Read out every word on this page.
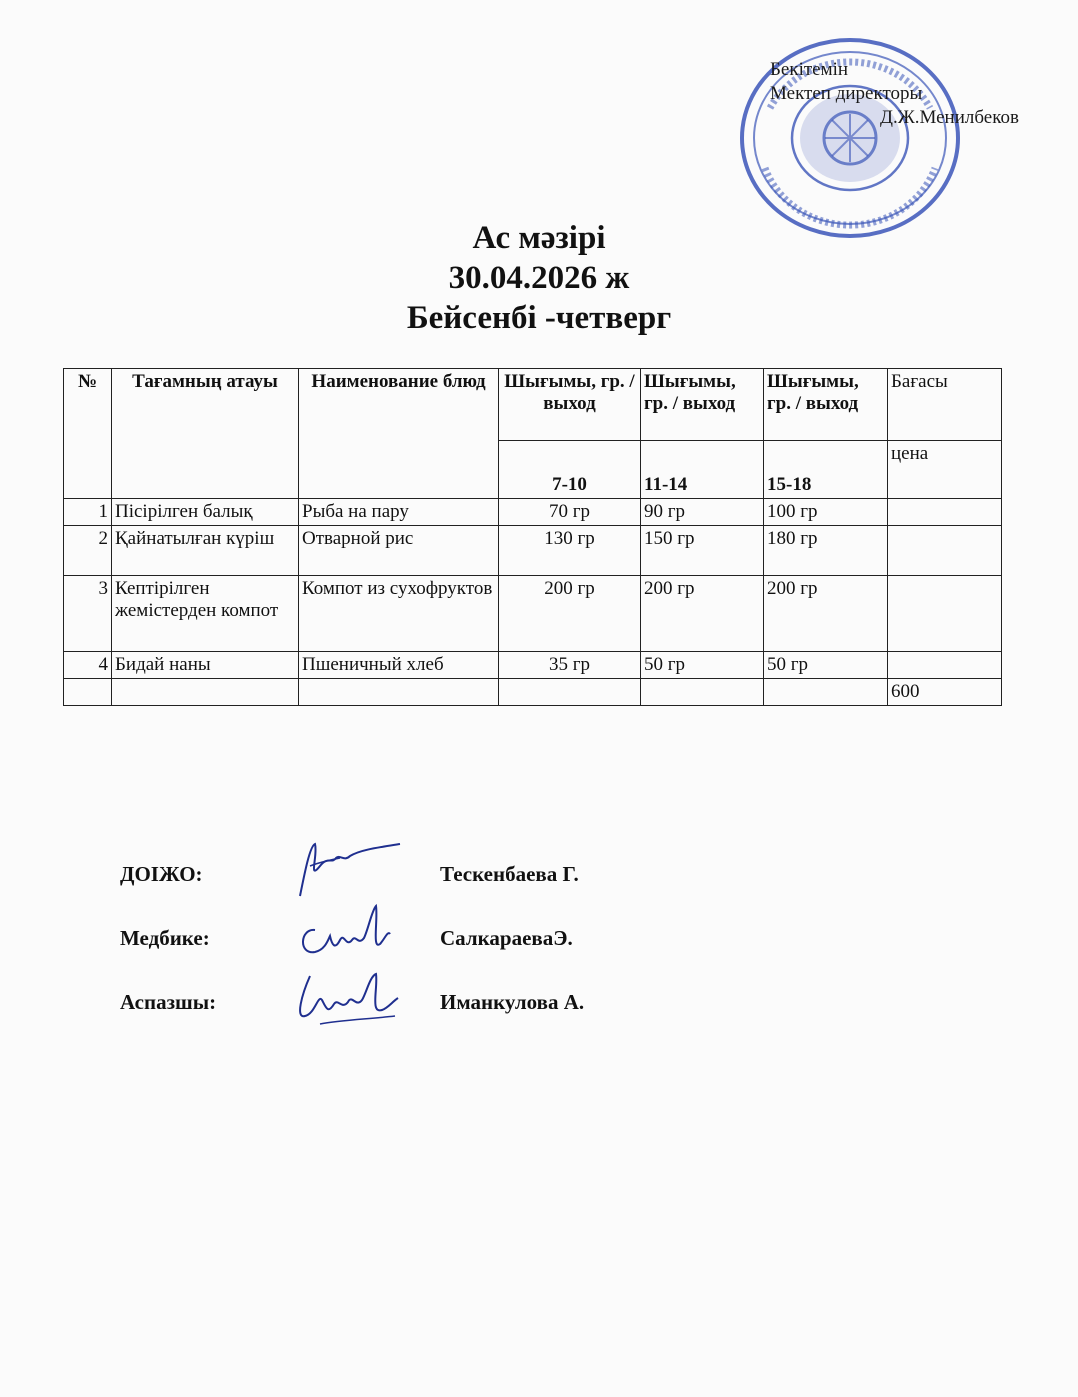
Бекітемін
Мектеп директоры
Д.Ж.Менилбеков
Ас мәзірі
30.04.2026 ж
Бейсенбі -четверг
№	Тағамның атауы	Наименование блюд	Шығымы, гр. / выход	Шығымы, гр. / выход	Шығымы, гр. / выход	Бағасы
			7-10	11-14	15-18	цена
1	Пісірілген балық	Рыба на пару	70 гр	90 гр	100 гр	
2	Қайнатылған күріш	Отварной рис	130 гр	150 гр	180 гр	
3	Кептірілген жемістерден компот	Компот из сухофруктов	200 гр	200 гр	200 гр	
4	Бидай наны	Пшеничный хлеб	35 гр	50 гр	50 гр	
						600
ДОІЖО:	Тескенбаева Г.
Медбике:	СалкараеваЭ.
Аспазшы:	Иманкулова А.
